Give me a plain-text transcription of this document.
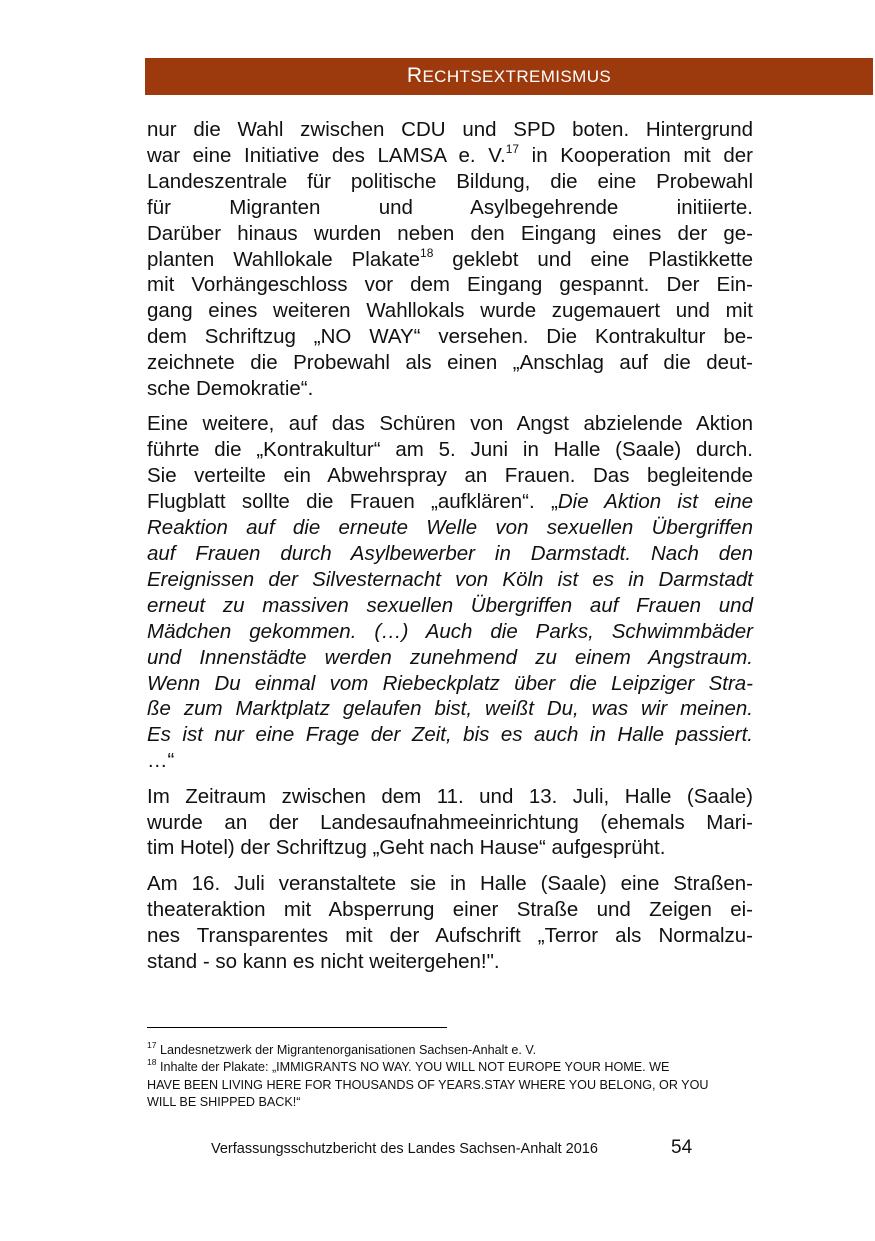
RECHTSEXTREMISMUS
nur die Wahl zwischen CDU und SPD boten. Hintergrund
war eine Initiative des LAMSA e. V.$^{17}$ in Kooperation mit der
Landeszentrale für politische Bildung, die eine Probewahl
für Migranten und Asylbegehrende initiierte.
Darüber hinaus wurden neben den Eingang eines der ge-
planten Wahllokale Plakate$^{18}$ geklebt und eine Plastikkette
mit Vorhängeschloss vor dem Eingang gespannt. Der Ein-
gang eines weiteren Wahllokals wurde zugemauert und mit
dem Schriftzug „NO WAY“ versehen. Die Kontrakultur be-
zeichnete die Probewahl als einen „Anschlag auf die deut-
sche Demokratie“.
Eine weitere, auf das Schüren von Angst abzielende Aktion
führte die „Kontrakultur“ am 5. Juni in Halle (Saale) durch.
Sie verteilte ein Abwehrspray an Frauen. Das begleitende
Flugblatt sollte die Frauen „aufklären“. „Die Aktion ist eine
Reaktion auf die erneute Welle von sexuellen Übergriffen
auf Frauen durch Asylbewerber in Darmstadt. Nach den
Ereignissen der Silvesternacht von Köln ist es in Darmstadt
erneut zu massiven sexuellen Übergriffen auf Frauen und
Mädchen gekommen. (…) Auch die Parks, Schwimmbäder
und Innenstädte werden zunehmend zu einem Angstraum.
Wenn Du einmal vom Riebeckplatz über die Leipziger Stra-
ße zum Marktplatz gelaufen bist, weißt Du, was wir meinen.
Es ist nur eine Frage der Zeit, bis es auch in Halle passiert.
…“
Im Zeitraum zwischen dem 11. und 13. Juli, Halle (Saale)
wurde an der Landesaufnahmeeinrichtung (ehemals Mari-
tim Hotel) der Schriftzug „Geht nach Hause“ aufgesprüht.
Am 16. Juli veranstaltete sie in Halle (Saale) eine Straßen-
theateraktion mit Absperrung einer Straße und Zeigen ei-
nes Transparentes mit der Aufschrift „Terror als Normalzu-
stand - so kann es nicht weitergehen!".
$^{17}$ Landesnetzwerk der Migrantenorganisationen Sachsen-Anhalt e. V.
$^{18}$ Inhalte der Plakate: „IMMIGRANTS NO WAY. YOU WILL NOT EUROPE YOUR HOME. WE
HAVE BEEN LIVING HERE FOR THOUSANDS OF YEARS.STAY WHERE YOU BELONG, OR YOU
WILL BE SHIPPED BACK!“
Verfassungsschutzbericht des Landes Sachsen-Anhalt 2016	54
